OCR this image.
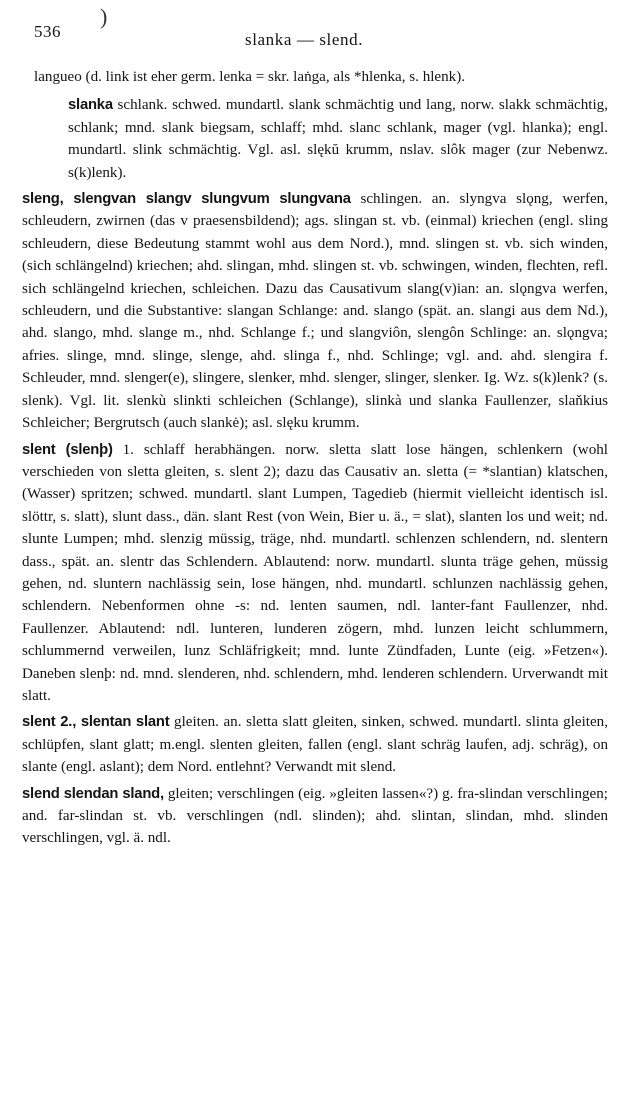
536
)
slanka — slend.

langueo (d. link ist eher germ. lenka = skr. laṅga, als *hlenka, s. hlenk).

slanka schlank. schwed. mundartl. slank schmächtig und lang, norw. slakk schmächtig, schlank; mnd. slank biegsam, schlaff; mhd. slanc schlank, mager (vgl. hlanka); engl. mundartl. slink schmächtig. Vgl. asl. slękŭ krumm, nslav. slôk mager (zur Nebenwz. s(k)lenk).

sleng, slengvan slangv slungvum slungvana schlingen. an. slyngva slǫng, werfen, schleudern, zwirnen (das v praesensbildend); ags. slingan st. vb. (einmal) kriechen (engl. sling schleudern, diese Bedeutung stammt wohl aus dem Nord.), mnd. slingen st. vb. sich winden, (sich schlängelnd) kriechen; ahd. slingan, mhd. slingen st. vb. schwingen, winden, flechten, refl. sich schlängelnd kriechen, schleichen. Dazu das Causativum slang(v)ian: an. slǫngva werfen, schleudern, und die Substantive: slangan Schlange: and. slango (spät. an. slangi aus dem Nd.), ahd. slango, mhd. slange m., nhd. Schlange f.; und slangviôn, slengôn Schlinge: an. slǫngva; afries. slinge, mnd. slinge, slenge, ahd. slinga f., nhd. Schlinge; vgl. and. ahd. slengira f. Schleuder, mnd. slenger(e), slingere, slenker, mhd. slenger, slinger, slenker. Ig. Wz. s(k)lenk? (s. slenk). Vgl. lit. slenkù slinkti schleichen (Schlange), slinkà und slanka Faullenzer, slaňkius Schleicher; Bergrutsch (auch slankė); asl. slęku krumm.

slent (slenþ) 1. schlaff herabhängen. norw. sletta slatt lose hängen, schlenkern (wohl verschieden von sletta gleiten, s. slent 2); dazu das Causativ an. sletta (= *slantian) klatschen, (Wasser) spritzen; schwed. mundartl. slant Lumpen, Tagedieb (hiermit vielleicht identisch isl. slöttr, s. slatt), slunt dass., dän. slant Rest (von Wein, Bier u. ä., = slat), slanten los und weit; nd. slunte Lumpen; mhd. slenzig müssig, träge, nhd. mundartl. schlenzen schlendern, nd. slentern dass., spät. an. slentr das Schlendern. Ablautend: norw. mundartl. slunta träge gehen, müssig gehen, nd. sluntern nachlässig sein, lose hängen, nhd. mundartl. schlunzen nachlässig gehen, schlendern. Nebenformen ohne -s: nd. lenten saumen, ndl. lanter-fant Faullenzer, nhd. Faullenzer. Ablautend: ndl. lunteren, lunderen zögern, mhd. lunzen leicht schlummern, schlummernd verweilen, lunz Schläfrigkeit; mnd. lunte Zündfaden, Lunte (eig. »Fetzen«). Daneben slenþ: nd. mnd. slenderen, nhd. schlendern, mhd. lenderen schlendern. Urverwandt mit slatt.

slent 2., slentan slant gleiten. an. sletta slatt gleiten, sinken, schwed. mundartl. slinta gleiten, schlüpfen, slant glatt; m.engl. slenten gleiten, fallen (engl. slant schräg laufen, adj. schräg), on slante (engl. aslant); dem Nord. entlehnt? Verwandt mit slend.

slend slendan sland, gleiten; verschlingen (eig. »gleiten lassen«?) g. fra-slindan verschlingen; and. far-slindan st. vb. verschlingen (ndl. slinden); ahd. slintan, slindan, mhd. slinden verschlingen, vgl. ä. ndl.
